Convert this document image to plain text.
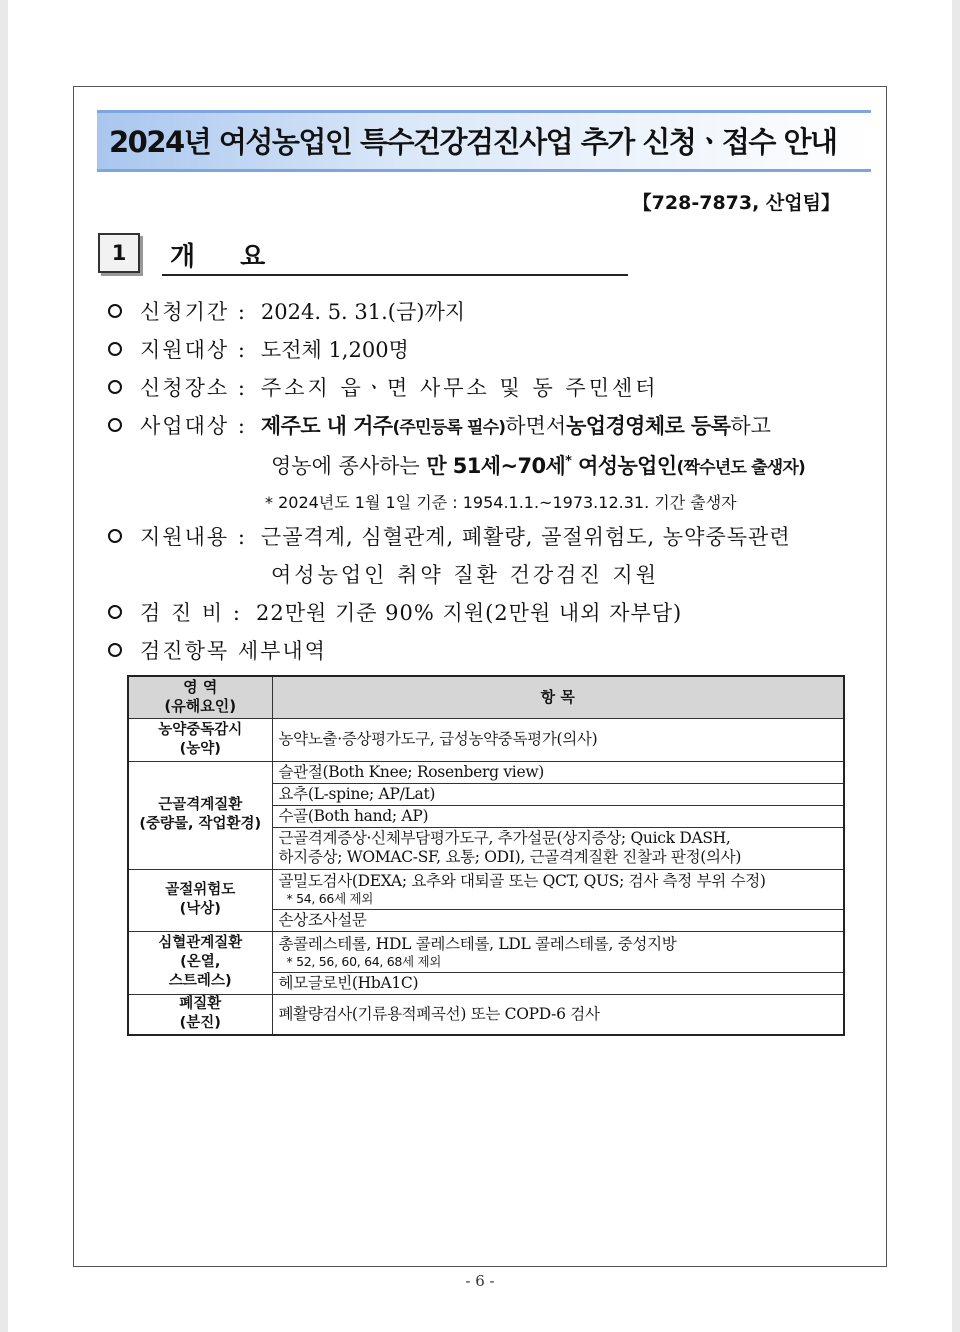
2024년 여성농업인 특수건강검진사업 추가 신청ㆍ접수 안내
【728-7873, 산업팀】
1	개 요
신청기간 : 2024. 5. 31.(금)까지
지원대상 : 도전체 1,200명
신청장소 : 주소지 읍ㆍ면 사무소 및 동 주민센터
사업대상 : 제주도 내 거주 (주민등록 필수) 하면서 농업경영체로 등록 하고
영농에 종사하는 만 51세~70세* 여성농업인(짝수년도 출생자)
* 2024년도 1월 1일 기준 : 1954.1.1.~1973.12.31. 기간 출생자
지원내용 : 근골격계, 심혈관계, 폐활량, 골절위험도, 농약중독관련
여성농업인 취약 질환 건강검진 지원
검 진 비 : 22만원 기준 90% 지원(2만원 내외 자부담)
검진항목 세부내역
영 역
(유해요인)	항 목
농약중독감시
(농약)	농약노출·증상평가도구, 급성농약중독평가(의사)
근골격계질환
(중량물, 작업환경)	슬관절(Both Knee; Rosenberg view)
	요추(L-spine; AP/Lat)
	수골(Both hand; AP)

	근골격계증상·신체부담평가도구, 추가설문(상지증상; Quick DASH,
하지증상; WOMAC-SF, 요통; ODI), 근골격계질환 진찰과 판정(의사)

골절위험도
(낙상)	골밀도검사(DEXA; 요추와 대퇴골 또는 QCT, QUS; 검사 측정 부위 수정)
* 54, 66세 제외

	손상조사설문
심혈관계질환
(온열,
스트레스)	총콜레스테롤, HDL 콜레스테롤, LDL 콜레스테롤, 중성지방
* 52, 56, 60, 64, 68세 제외

	헤모글로빈(HbA1C)
폐질환
(분진)	폐활량검사(기류용적폐곡선) 또는 COPD-6 검사
- 6 -
